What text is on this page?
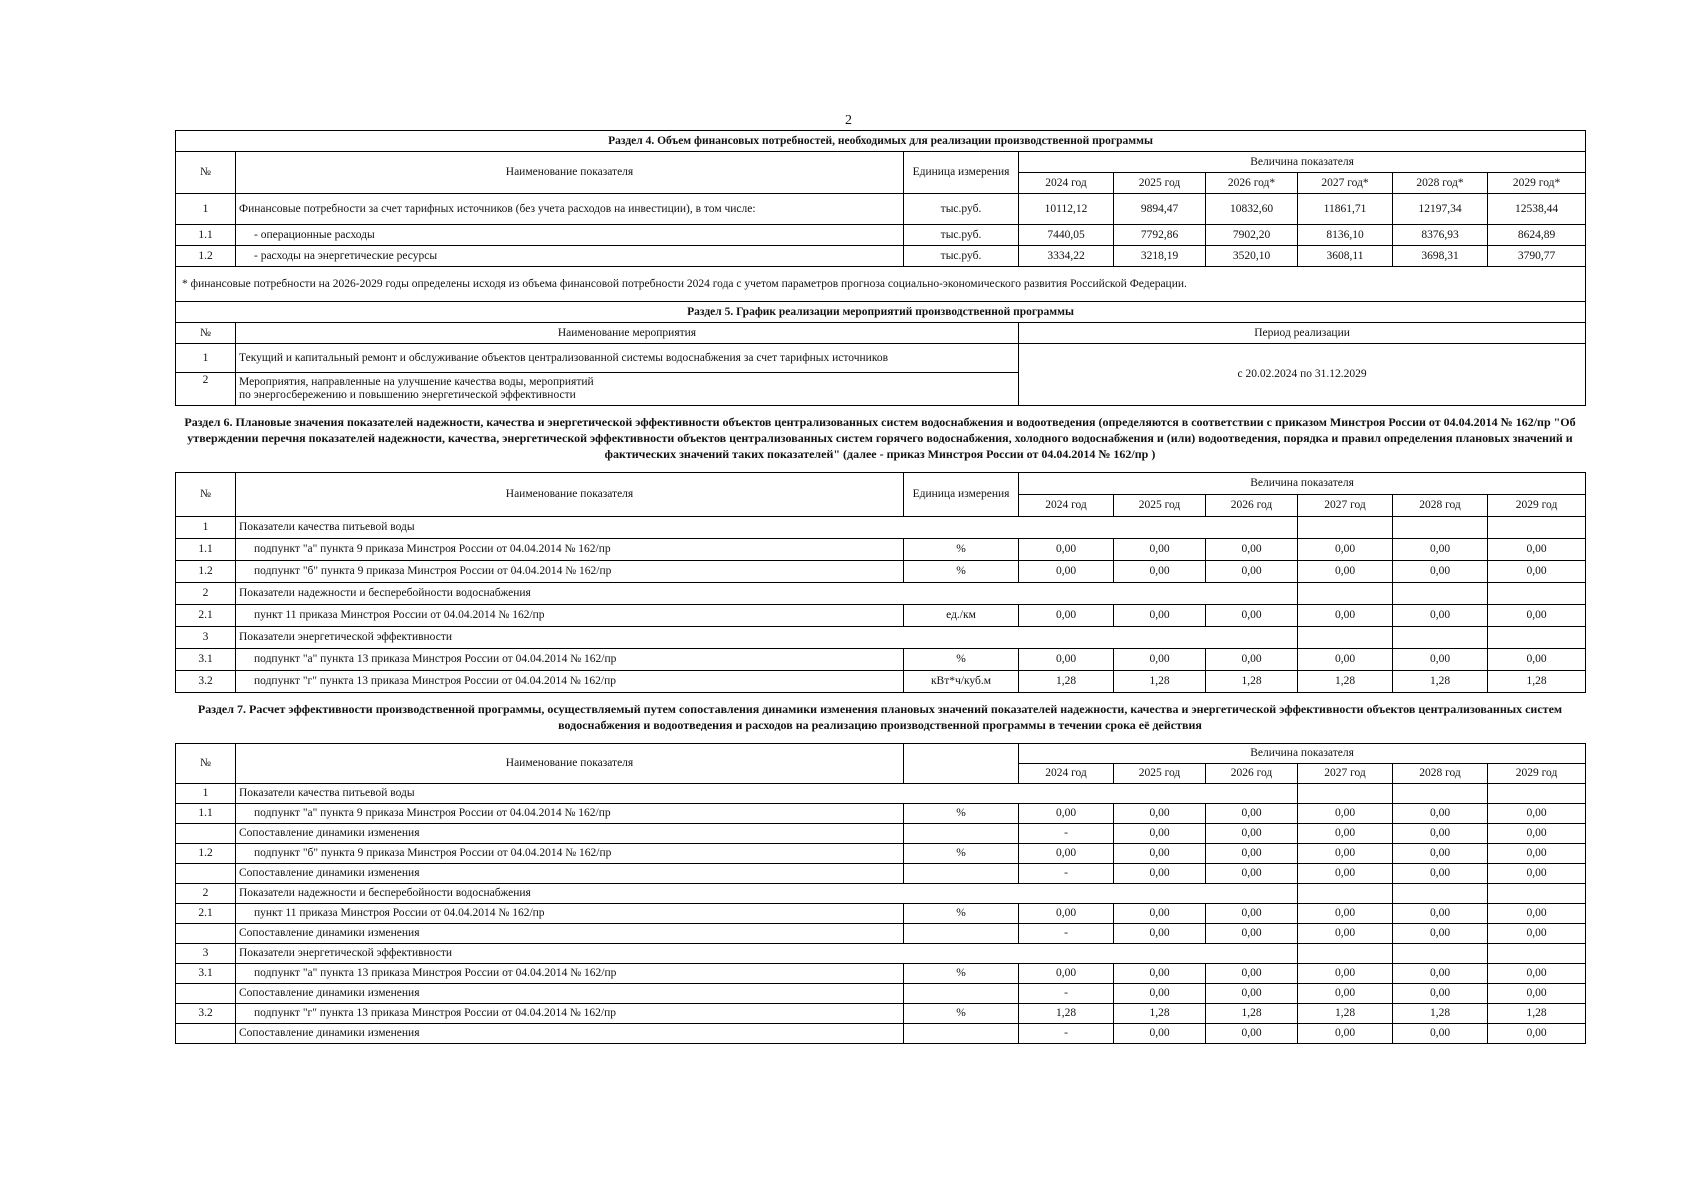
2
Раздел 4. Объем финансовых потребностей, необходимых для реализации производственной программы								
№	Наименование показателя	Единица измерения	Величина показателя					
			2024 год	2025 год	2026 год*	2027 год*	2028 год*	2029 год*
1	Финансовые потребности за счет тарифных источников (без учета расходов на инвестиции), в том числе:	тыс.руб.	10112,12	9894,47	10832,60	11861,71	12197,34	12538,44
1.1	- операционные расходы	тыс.руб.	7440,05	7792,86	7902,20	8136,10	8376,93	8624,89
1.2	- расходы на энергетические ресурсы	тыс.руб.	3334,22	3218,19	3520,10	3608,11	3698,31	3790,77
* финансовые потребности на 2026-2029 годы определены исходя из объема финансовой потребности 2024 года с учетом параметров прогноза социально-экономического развития Российской Федерации.								
Раздел 5. График реализации мероприятий производственной программы								
№	Наименование мероприятия		Период реализации					
1	Текущий и капитальный ремонт и обслуживание объектов централизованной системы водоснабжения за счет тарифных источников		с 20.02.2024 по 31.12.2029					
2	Мероприятия, направленные на улучшение качества воды, мероприятий
по энергосбережению и повышению энергетической эффективности							
Раздел 6. Плановые значения показателей надежности, качества и энергетической эффективности объектов централизованных систем водоснабжения и водоотведения (определяются в соответствии с приказом Минстроя России от 04.04.2014 № 162/пр "Об утверждении перечня показателей надежности, качества, энергетической эффективности объектов централизованных систем горячего водоснабжения, холодного водоснабжения и (или) водоотведения, порядка и правил определения плановых значений и фактических значений таких показателей" (далее - приказ Минстроя России от 04.04.2014 № 162/пр )
№	Наименование показателя	Единица измерения	Величина показателя					
			2024 год	2025 год	2026 год	2027 год	2028 год	2029 год
1	Показатели качества питьевой воды							
1.1	подпункт "а" пункта 9 приказа Минстроя России от 04.04.2014 № 162/пр	%	0,00	0,00	0,00	0,00	0,00	0,00
1.2	подпункт "б" пункта 9 приказа Минстроя России от 04.04.2014 № 162/пр	%	0,00	0,00	0,00	0,00	0,00	0,00
2	Показатели надежности и бесперебойности водоснабжения							
2.1	пункт 11 приказа Минстроя России от 04.04.2014 № 162/пр	ед./км	0,00	0,00	0,00	0,00	0,00	0,00
3	Показатели энергетической эффективности							
3.1	подпункт "а" пункта 13 приказа Минстроя России от 04.04.2014 № 162/пр	%	0,00	0,00	0,00	0,00	0,00	0,00
3.2	подпункт "г" пункта 13 приказа Минстроя России от 04.04.2014 № 162/пр	кВт*ч/куб.м	1,28	1,28	1,28	1,28	1,28	1,28
Раздел 7. Расчет эффективности производственной программы, осуществляемый путем сопоставления динамики изменения плановых значений показателей надежности, качества и энергетической эффективности объектов централизованных систем водоснабжения и водоотведения и расходов на реализацию производственной программы в течении срока её действия
№	Наименование показателя		Величина показателя					
			2024 год	2025 год	2026 год	2027 год	2028 год	2029 год
1	Показатели качества питьевой воды							
1.1	подпункт "а" пункта 9 приказа Минстроя России от 04.04.2014 № 162/пр	%	0,00	0,00	0,00	0,00	0,00	0,00
	Сопоставление динамики изменения		-	0,00	0,00	0,00	0,00	0,00
1.2	подпункт "б" пункта 9 приказа Минстроя России от 04.04.2014 № 162/пр	%	0,00	0,00	0,00	0,00	0,00	0,00
	Сопоставление динамики изменения		-	0,00	0,00	0,00	0,00	0,00
2	Показатели надежности и бесперебойности водоснабжения							
2.1	пункт 11 приказа Минстроя России от 04.04.2014 № 162/пр	%	0,00	0,00	0,00	0,00	0,00	0,00
	Сопоставление динамики изменения		-	0,00	0,00	0,00	0,00	0,00
3	Показатели энергетической эффективности							
3.1	подпункт "а" пункта 13 приказа Минстроя России от 04.04.2014 № 162/пр	%	0,00	0,00	0,00	0,00	0,00	0,00
	Сопоставление динамики изменения		-	0,00	0,00	0,00	0,00	0,00
3.2	подпункт "г" пункта 13 приказа Минстроя России от 04.04.2014 № 162/пр	%	1,28	1,28	1,28	1,28	1,28	1,28
	Сопоставление динамики изменения		-	0,00	0,00	0,00	0,00	0,00
